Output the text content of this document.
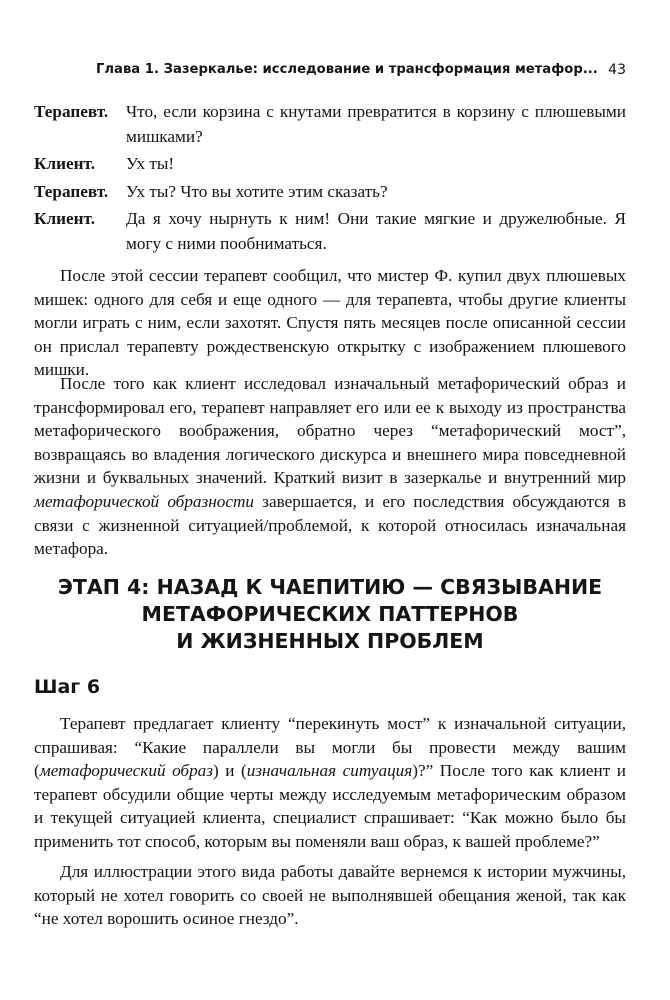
Глава 1. Зазеркалье: исследование и трансформация метафор... 43
Терапевт.	Что, если корзина с кнутами превратится в корзину с плюшевыми мишками?
Клиент.	Ух ты!
Терапевт.	Ух ты? Что вы хотите этим сказать?
Клиент.	Да я хочу нырнуть к ним! Они такие мягкие и дружелюбные. Я могу с ними пообниматься.

После этой сессии терапевт сообщил, что мистер Ф. купил двух плюшевых мишек: одного для себя и еще одного — для терапевта, чтобы другие клиенты могли играть с ним, если захотят. Спустя пять месяцев после описанной сессии он прислал терапевту рождественскую открытку с изображением плюшевого мишки.

После того как клиент исследовал изначальный метафорический образ и трансформировал его, терапевт направляет его или ее к выходу из пространства метафорического воображения, обратно через “метафорический мост”, возвращаясь во владения логического дискурса и внешнего мира повседневной жизни и буквальных значений. Краткий визит в зазеркалье и внутренний мир метафорической образности завершается, и его последствия обсуждаются в связи с жизненной ситуацией/проблемой, к которой относилась изначальная метафора.

ЭТАП 4: НАЗАД К ЧАЕПИТИЮ — СВЯЗЫВАНИЕ
МЕТАФОРИЧЕСКИХ ПАТТЕРНОВ
И ЖИЗНЕННЫХ ПРОБЛЕМ
Шаг 6

Терапевт предлагает клиенту “перекинуть мост” к изначальной ситуации, спрашивая: “Какие параллели вы могли бы провести между вашим (метафорический образ) и (изначальная ситуация)?” После того как клиент и терапевт обсудили общие черты между исследуемым метафорическим образом и текущей ситуацией клиента, специалист спрашивает: “Как можно было бы применить тот способ, которым вы поменяли ваш образ, к вашей проблеме?”

Для иллюстрации этого вида работы давайте вернемся к истории мужчины, который не хотел говорить со своей не выполнявшей обещания женой, так как “не хотел ворошить осиное гнездо”.
